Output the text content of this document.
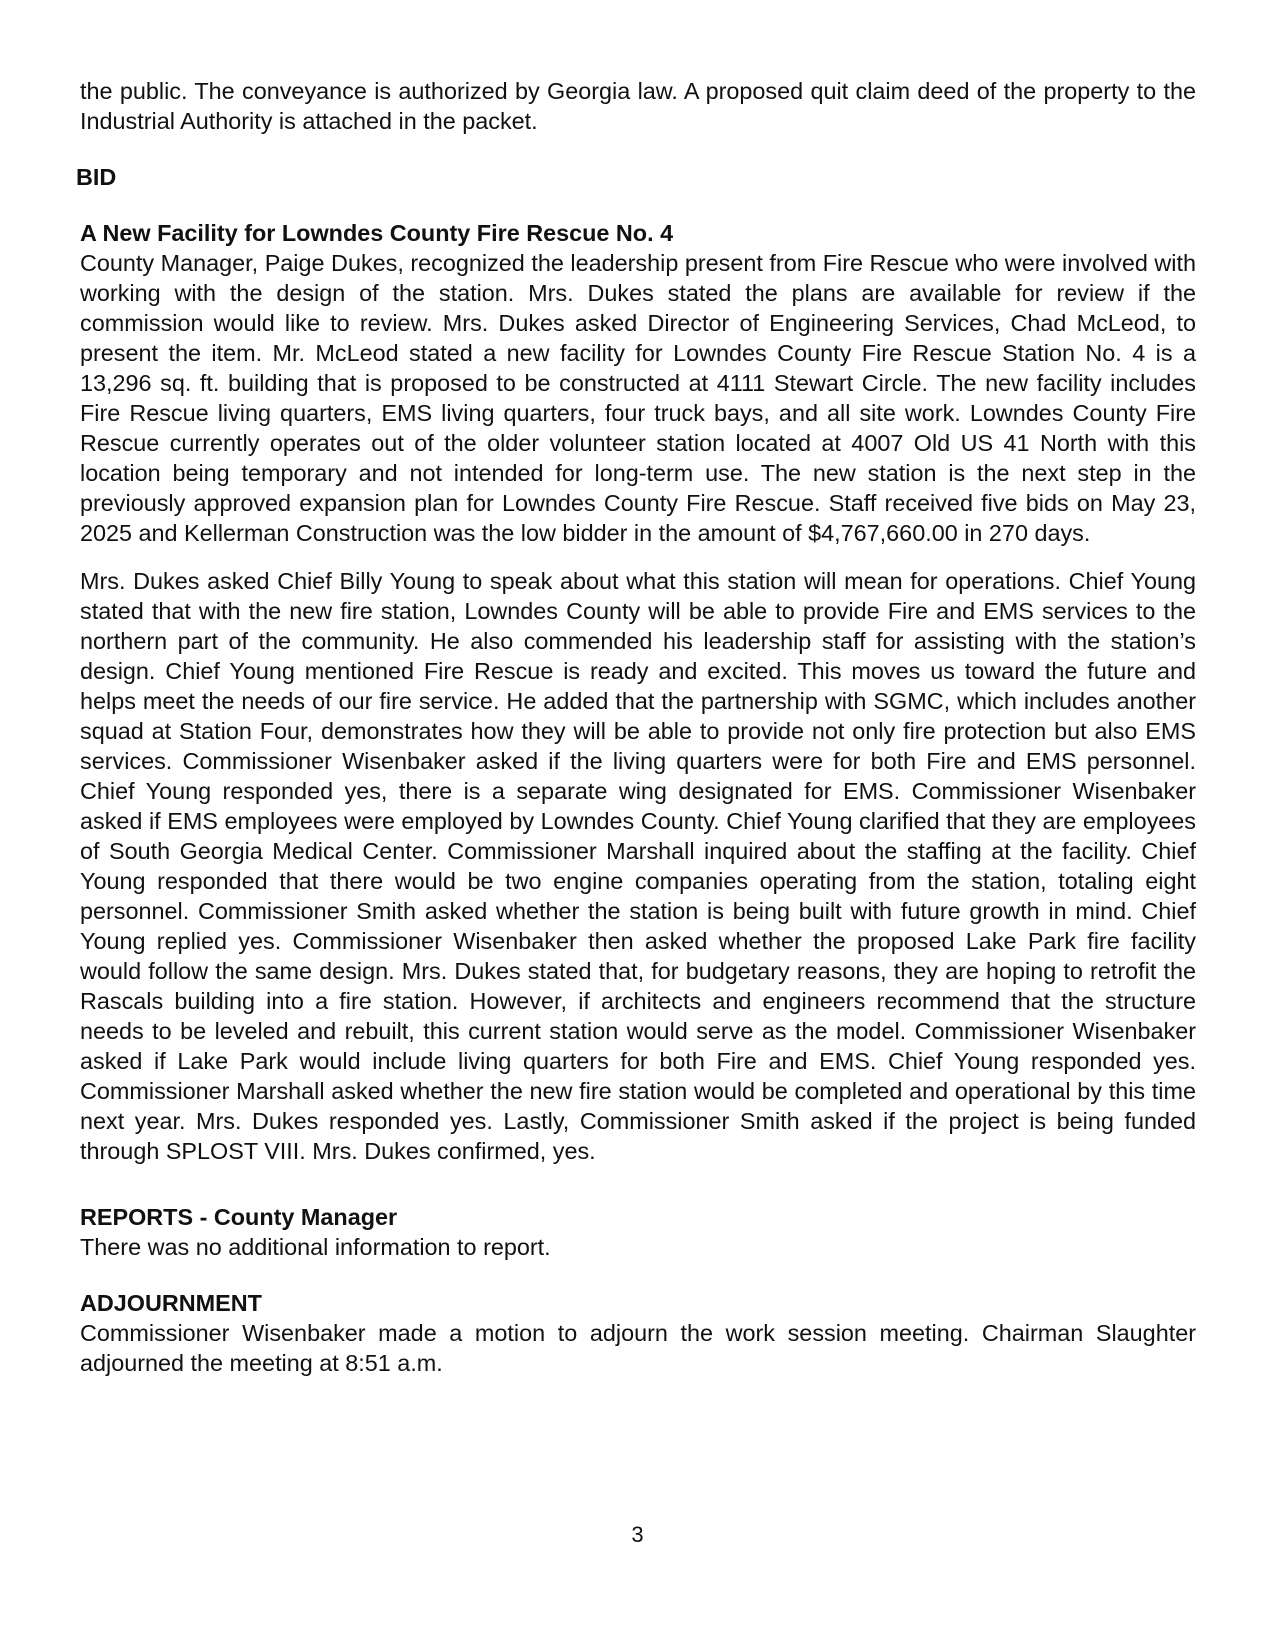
the public. The conveyance is authorized by Georgia law. A proposed quit claim deed of the property to the Industrial Authority is attached in the packet.

BID

A New Facility for Lowndes County Fire Rescue No. 4

County Manager, Paige Dukes, recognized the leadership present from Fire Rescue who were involved with working with the design of the station. Mrs. Dukes stated the plans are available for review if the commission would like to review. Mrs. Dukes asked Director of Engineering Services, Chad McLeod, to present the item. Mr. McLeod stated a new facility for Lowndes County Fire Rescue Station No. 4 is a 13,296 sq. ft. building that is proposed to be constructed at 4111 Stewart Circle. The new facility includes Fire Rescue living quarters, EMS living quarters, four truck bays, and all site work. Lowndes County Fire Rescue currently operates out of the older volunteer station located at 4007 Old US 41 North with this location being temporary and not intended for long-term use. The new station is the next step in the previously approved expansion plan for Lowndes County Fire Rescue. Staff received five bids on May 23, 2025 and Kellerman Construction was the low bidder in the amount of $4,767,660.00 in 270 days.

Mrs. Dukes asked Chief Billy Young to speak about what this station will mean for operations. Chief Young stated that with the new fire station, Lowndes County will be able to provide Fire and EMS services to the northern part of the community. He also commended his leadership staff for assisting with the station’s design. Chief Young mentioned Fire Rescue is ready and excited. This moves us toward the future and helps meet the needs of our fire service. He added that the partnership with SGMC, which includes another squad at Station Four, demonstrates how they will be able to provide not only fire protection but also EMS services. Commissioner Wisenbaker asked if the living quarters were for both Fire and EMS personnel. Chief Young responded yes, there is a separate wing designated for EMS. Commissioner Wisenbaker asked if EMS employees were employed by Lowndes County. Chief Young clarified that they are employees of South Georgia Medical Center. Commissioner Marshall inquired about the staffing at the facility. Chief Young responded that there would be two engine companies operating from the station, totaling eight personnel. Commissioner Smith asked whether the station is being built with future growth in mind. Chief Young replied yes. Commissioner Wisenbaker then asked whether the proposed Lake Park fire facility would follow the same design. Mrs. Dukes stated that, for budgetary reasons, they are hoping to retrofit the Rascals building into a fire station. However, if architects and engineers recommend that the structure needs to be leveled and rebuilt, this current station would serve as the model. Commissioner Wisenbaker asked if Lake Park would include living quarters for both Fire and EMS. Chief Young responded yes. Commissioner Marshall asked whether the new fire station would be completed and operational by this time next year. Mrs. Dukes responded yes. Lastly, Commissioner Smith asked if the project is being funded through SPLOST VIII. Mrs. Dukes confirmed, yes.

REPORTS - County Manager

There was no additional information to report.

ADJOURNMENT

Commissioner Wisenbaker made a motion to adjourn the work session meeting. Chairman Slaughter adjourned the meeting at 8:51 a.m.

3
